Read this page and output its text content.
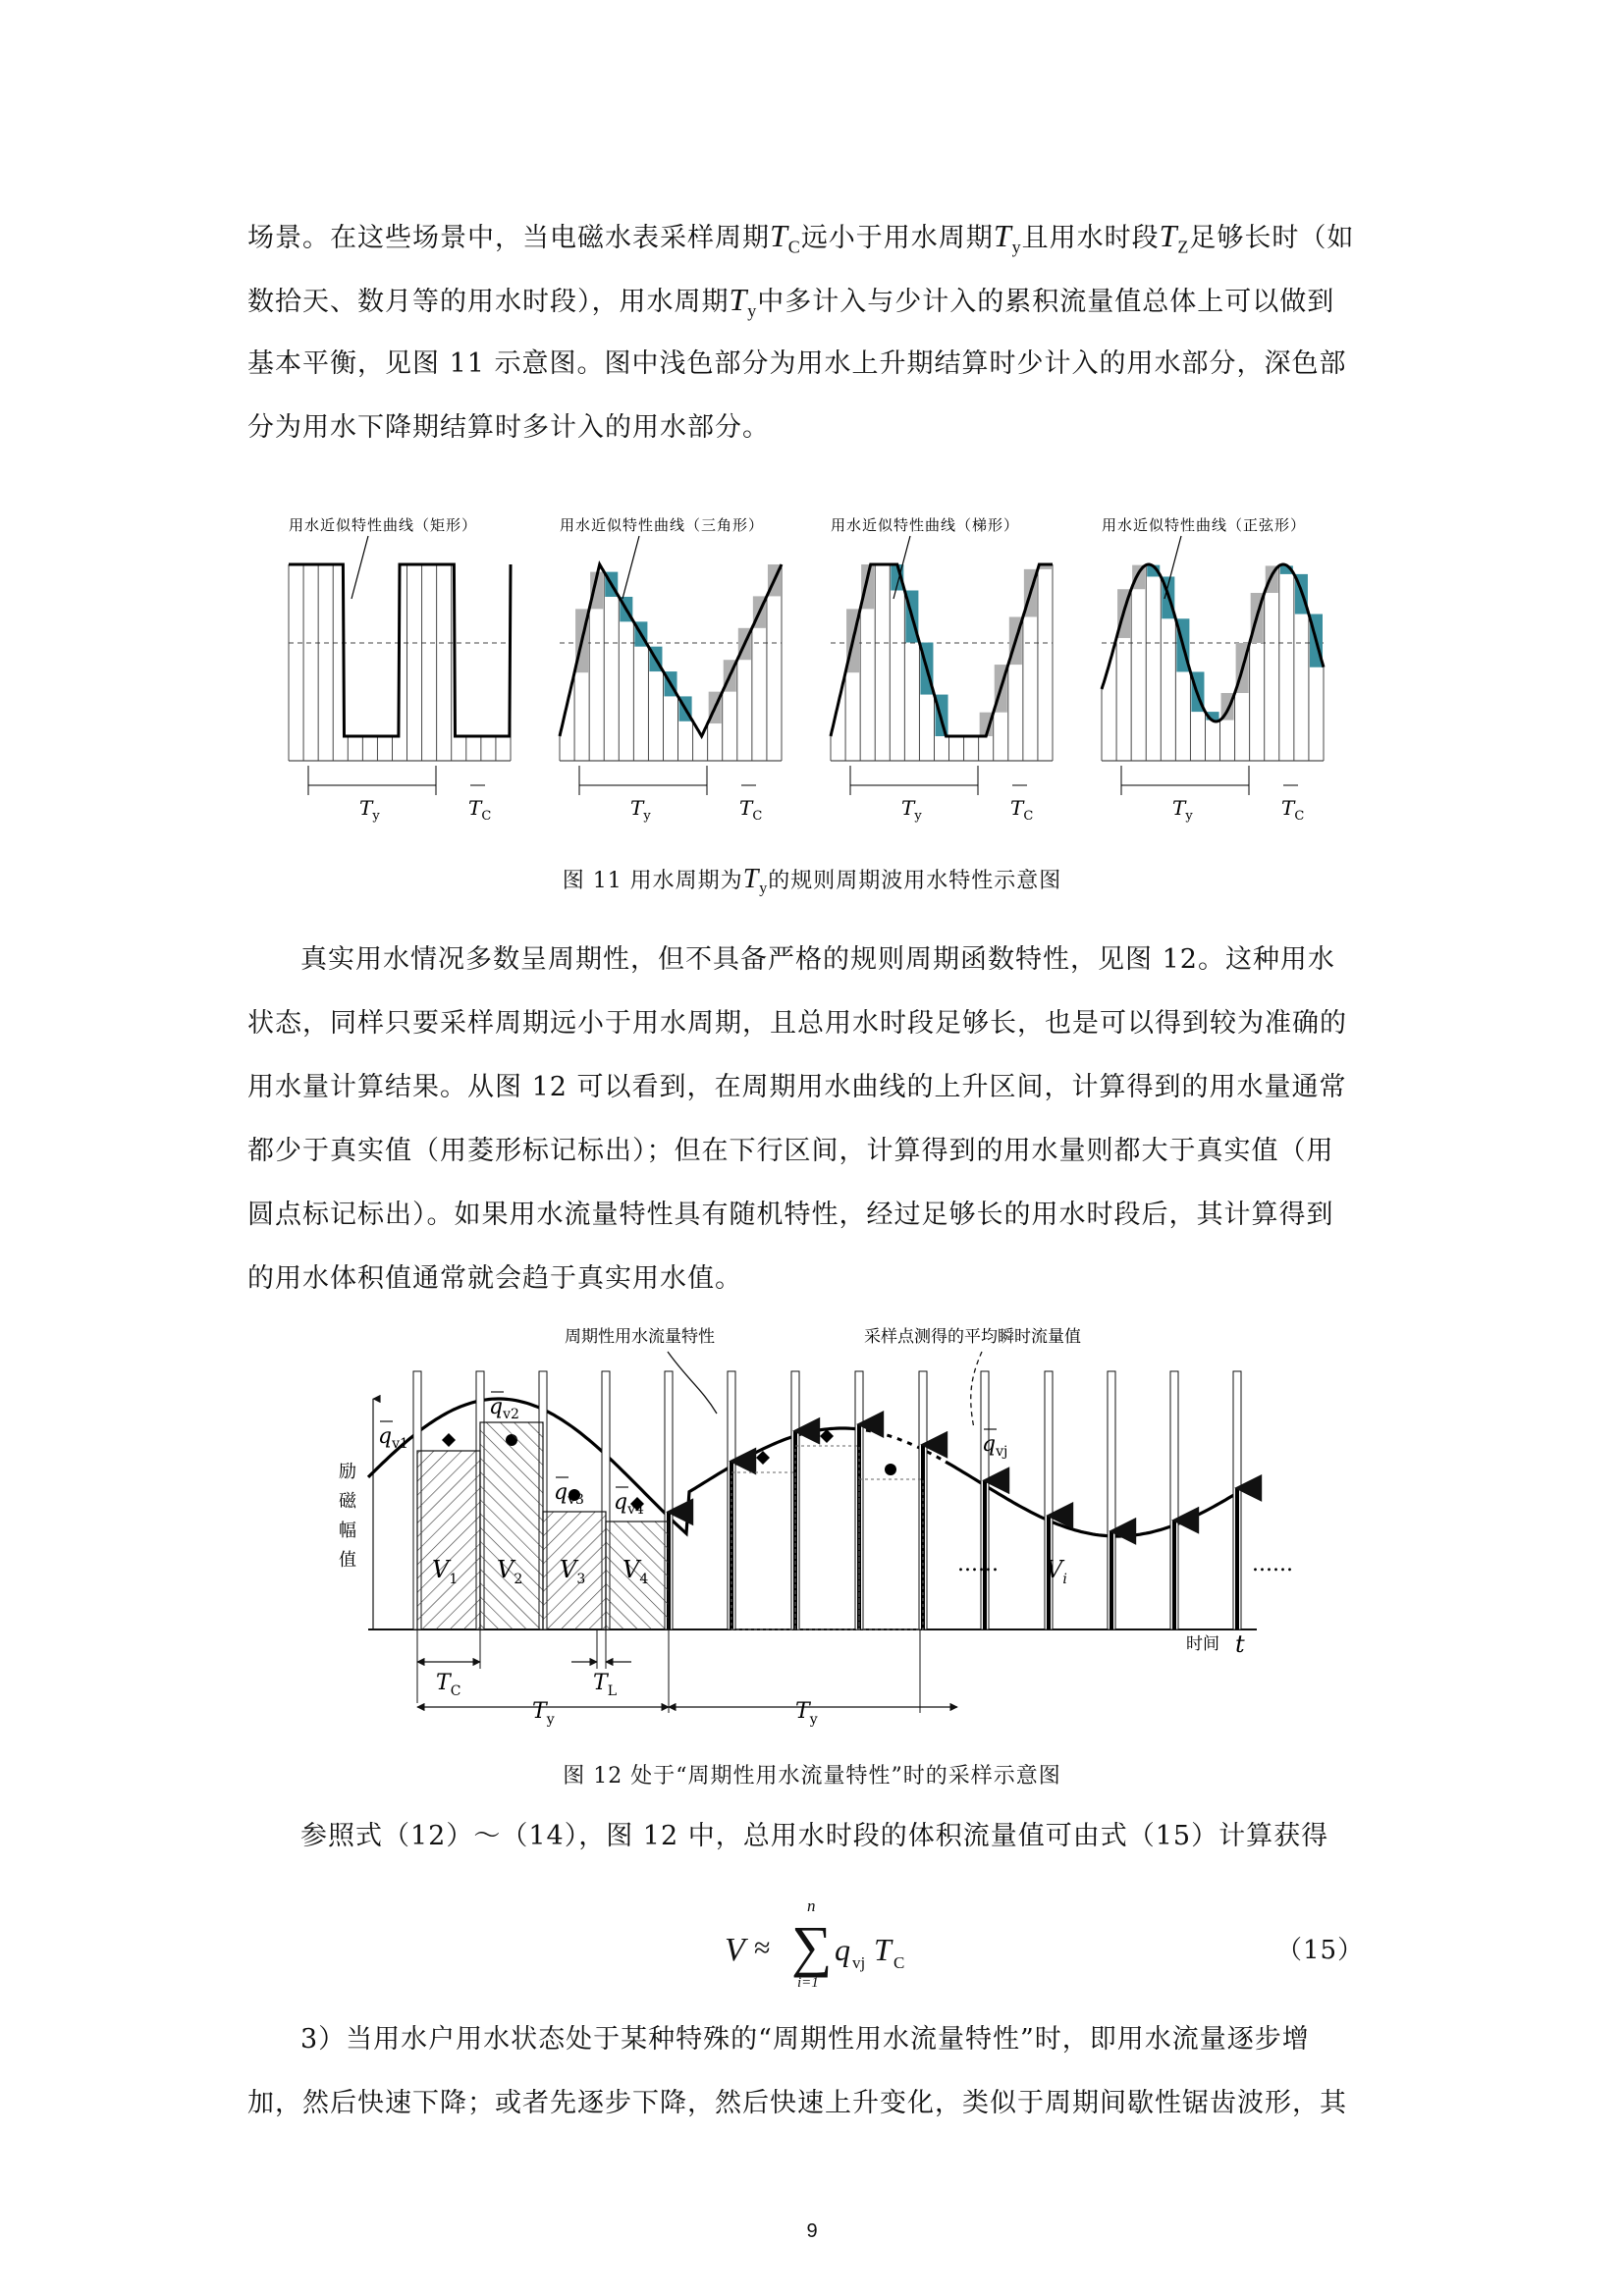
场景。在这些场景中，当电磁水表采样周期$T_C$远小于用水周期$T_y$且用水时段$T_Z$足够长时（如
数拾天、数月等的用水时段），用水周期$T_y$中多计入与少计入的累积流量值总体上可以做到
基本平衡，见图 11 示意图。图中浅色部分为用水上升期结算时少计入的用水部分，深色部
分为用水下降期结算时多计入的用水部分。
用水近似特性曲线（矩形）
$T_y$	$T_C$
用水近似特性曲线（三角形）
$T_y$	$T_C$
用水近似特性曲线（梯形）
$T_y$	$T_C$
用水近似特性曲线（正弦形）
$T_y$	$T_C$
图 11 用水周期为$T_y$的规则周期波用水特性示意图
真实用水情况多数呈周期性，但不具备严格的规则周期函数特性，见图 12。这种用水
状态，同样只要采样周期远小于用水周期，且总用水时段足够长，也是可以得到较为准确的
用水量计算结果。从图 12 可以看到，在周期用水曲线的上升区间，计算得到的用水量通常
都少于真实值（用菱形标记标出）；但在下行区间，计算得到的用水量则都大于真实值（用
圆点标记标出）。如果用水流量特性具有随机特性，经过足够长的用水时段后，其计算得到
的用水体积值通常就会趋于真实用水值。
周期性用水流量特性	采样点测得的平均瞬时流量值
励
磁
幅
值
时间 t
$V_1$ $V_2$ $V_3$ $V_4$	$V_i$
......	......
$q_{v1}$
$q_{v2}$
$q_{v3}$ $q_{v4}$
$q_{vj}$
$T_C$	$T_L$
$T_y$	$T_y$
图 12 处于“周期性用水流量特性”时的采样示意图
参照式（12）～（14），图 12 中，总用水时段的体积流量值可由式（15）计算获得
V ≈ ∑
n
i=1
q vj T C	（15）
3）当用水户用水状态处于某种特殊的“周期性用水流量特性”时，即用水流量逐步增
加，然后快速下降；或者先逐步下降，然后快速上升变化，类似于周期间歇性锯齿波形，其
9
